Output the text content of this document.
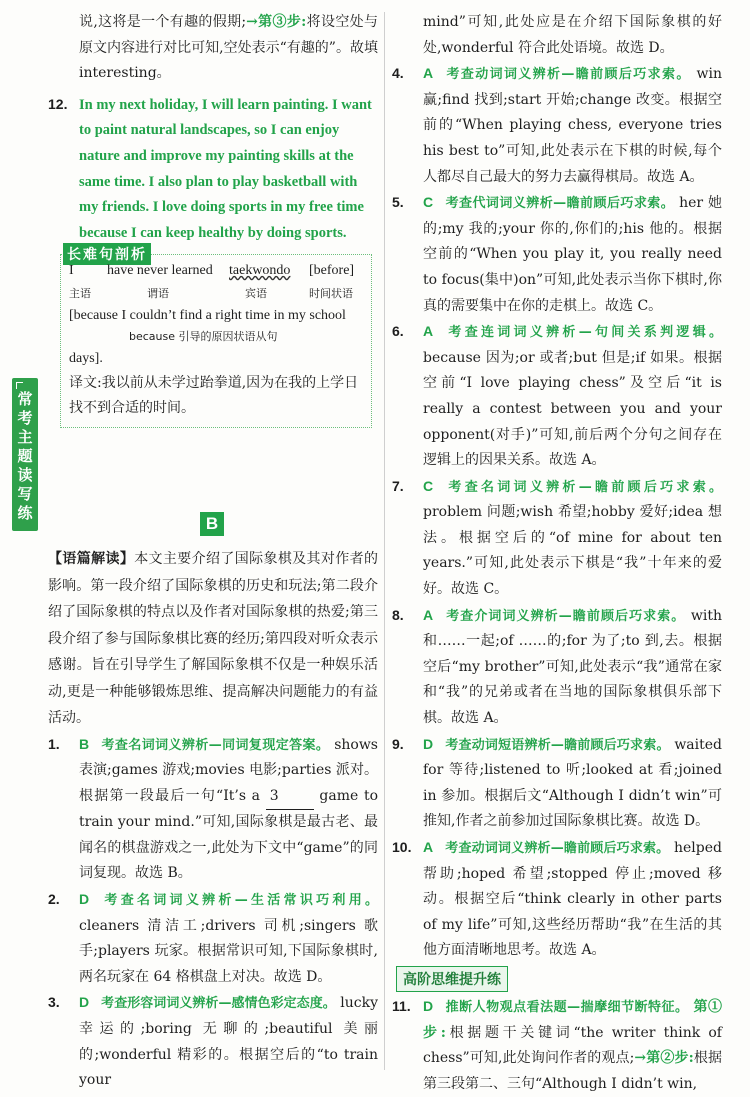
常
考
主
题
读
写
练

说,这将是一个有趣的假期;→第③步:将设空处与原文内容进行对比可知,空处表示“有趣的”。故填 interesting。

12. In my next holiday, I will learn painting. I want to paint natural landscapes, so I can enjoy nature and improve my painting skills at the same time. I also plan to play basketball with my friends. I love doing sports in my free time because I can keep healthy by doing sports.
长难句剖析
I have never learned taekwondo [before]
主语	谓语	宾语	时间状语
[because I couldn’t find a right time in my school
because 引导的原因状语从句
days].
译文:我以前从未学过跆拳道,因为在我的上学日找不到合适的时间。
B

【语篇解读】本文主要介绍了国际象棋及其对作者的影响。第一段介绍了国际象棋的历史和玩法;第二段介绍了国际象棋的特点以及作者对国际象棋的热爱;第三段介绍了参与国际象棋比赛的经历;第四段对听众表示感谢。旨在引导学生了解国际象棋不仅是一种娱乐活动,更是一种能够锻炼思维、提高解决问题能力的有益活动。

1. B 考查名词词义辨析—同词复现定答案。 shows 表演;games 游戏;movies 电影;parties 派对。根据第一段最后一句“It’s a 3	game to train your mind.”可知,国际象棋是最古老、最闻名的棋盘游戏之一,此处为下文中“game”的同词复现。故选 B。
2. D 考查名词词义辨析—生活常识巧利用。 cleaners 清洁工;drivers 司机;singers 歌手;players 玩家。根据常识可知,下国际象棋时,两名玩家在 64 格棋盘上对决。故选 D。
3. D 考查形容词词义辨析—感情色彩定态度。 lucky 幸运的;boring 无聊的;beautiful 美丽的;wonderful 精彩的。根据空后的“to train your

mind”可知,此处应是在介绍下国际象棋的好处,wonderful 符合此处语境。故选 D。

4. A 考查动词词义辨析—瞻前顾后巧求索。 win 赢;find 找到;start 开始;change 改变。根据空前的“When playing chess, everyone tries his best to”可知,此处表示在下棋的时候,每个人都尽自己最大的努力去赢得棋局。故选 A。
5. C 考查代词词义辨析—瞻前顾后巧求索。 her 她的;my 我的;your 你的,你们的;his 他的。根据空前的“When you play it, you really need to focus(集中)on”可知,此处表示当你下棋时,你真的需要集中在你的走棋上。故选 C。
6. A 考查连词词义辨析—句间关系判逻辑。 because 因为;or 或者;but 但是;if 如果。根据空前“I love playing chess”及空后“it is really a contest between you and your opponent(对手)”可知,前后两个分句之间存在逻辑上的因果关系。故选 A。
7. C 考查名词词义辨析—瞻前顾后巧求索。 problem 问题;wish 希望;hobby 爱好;idea 想法。根据空后的“of mine for about ten years.”可知,此处表示下棋是“我”十年来的爱好。故选 C。
8. A 考查介词词义辨析—瞻前顾后巧求索。 with 和……一起;of ……的;for 为了;to 到,去。根据空后“my brother”可知,此处表示“我”通常在家和“我”的兄弟或者在当地的国际象棋俱乐部下棋。故选 A。
9. D 考查动词短语辨析—瞻前顾后巧求索。 waited for 等待;listened to 听;looked at 看;joined in 参加。根据后文“Although I didn’t win”可推知,作者之前参加过国际象棋比赛。故选 D。
10. A 考查动词词义辨析—瞻前顾后巧求索。 helped 帮助;hoped 希望;stopped 停止;moved 移动。根据空后“think clearly in other parts of my life”可知,这些经历帮助“我”在生活的其他方面清晰地思考。故选 A。
高阶思维提升练
11. D 推断人物观点看法题—揣摩细节断特征。 第①步:根据题干关键词“the writer think of chess”可知,此处询问作者的观点;→第②步:根据第三段第二、三句“Although I didn’t win,
